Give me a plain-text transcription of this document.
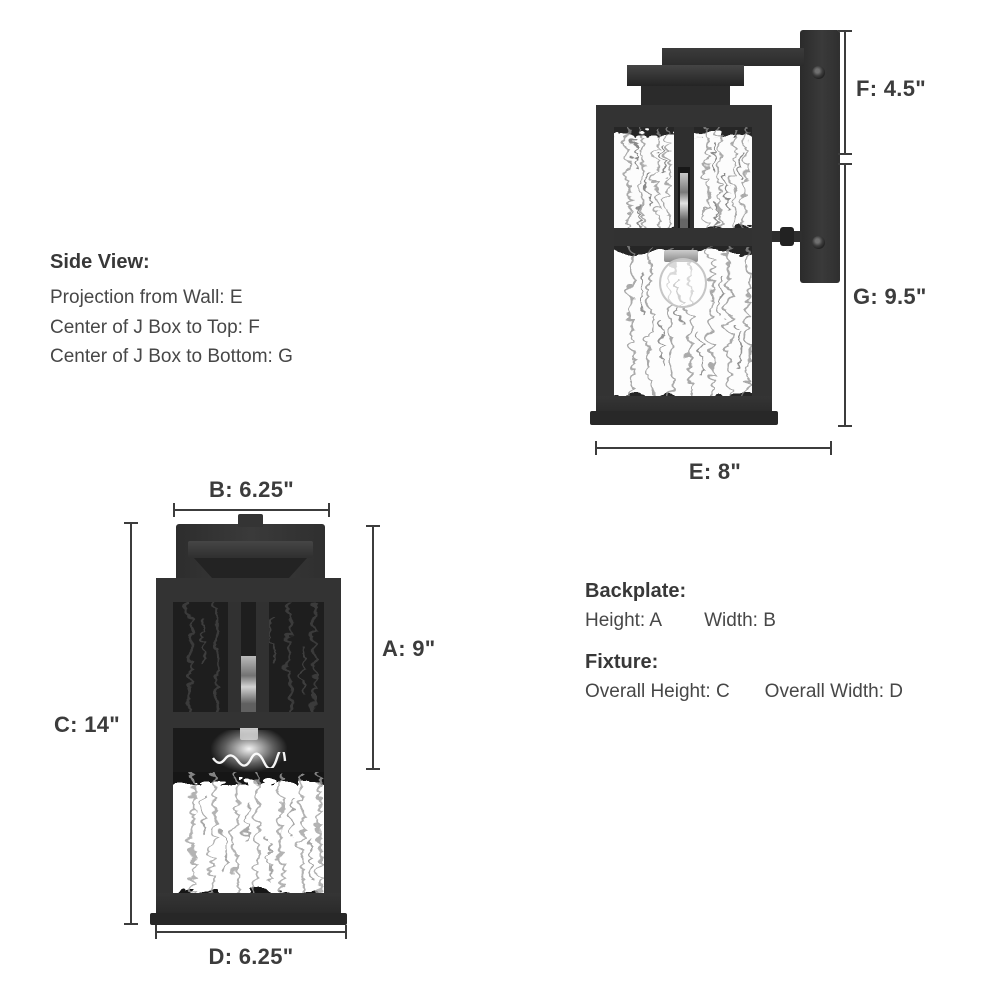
F: 4.5"
G: 9.5"
E: 8"

Side View:

Projection from Wall: E

Center of J Box to Top: F

Center of J Box to Bottom: G

B: 6.25"
C: 14"
A: 9"
D: 6.25"

Backplate:

Height: A Width: B

Fixture:

Overall Height: C Overall Width: D
